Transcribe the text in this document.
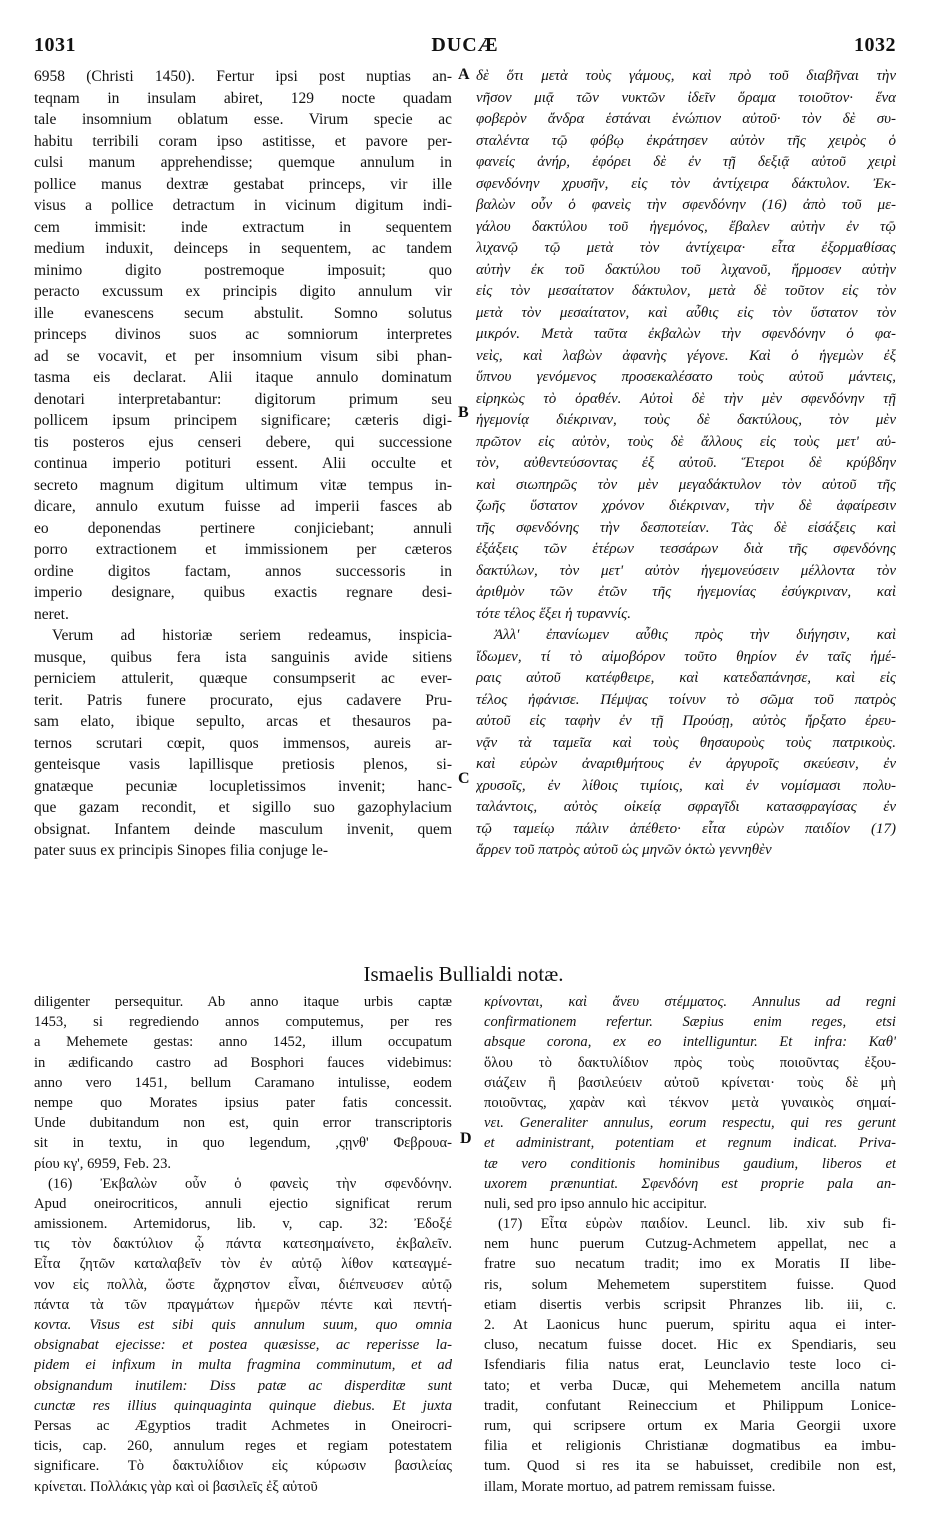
1031	DUCÆ	1032
A
B
C
D
6958 (Christi 1450). Fertur ipsi post nuptias an-
teqnam in insulam abiret, 129 nocte quadam
tale insomnium oblatum esse. Virum specie ac
habitu terribili coram ipso astitisse, et pavore per-
culsi manum apprehendisse; quemque annulum in
pollice manus dextræ gestabat princeps, vir ille
visus a pollice detractum in vicinum digitum indi-
cem immisit: inde extractum in sequentem
medium induxit, deinceps in sequentem, ac tandem
minimo digito postremoque imposuit; quo
peracto excussum ex principis digito annulum vir
ille evanescens secum abstulit. Somno solutus
princeps divinos suos ac somniorum interpretes
ad se vocavit, et per insomnium visum sibi phan-
tasma eis declarat. Alii itaque annulo dominatum
denotari interpretabantur: digitorum primum seu
pollicem ipsum principem significare; cæteris digi-
tis posteros ejus censeri debere, qui successione
continua imperio potituri essent. Alii occulte et
secreto magnum digitum ultimum vitæ tempus in-
dicare, annulo exutum fuisse ad imperii fasces ab
eo deponendas pertinere conjiciebant; annuli
porro extractionem et immissionem per cæteros
ordine digitos factam, annos successoris in
imperio designare, quibus exactis regnare desi-
neret.
Verum ad historiæ seriem redeamus, inspicia-
musque, quibus fera ista sanguinis avide sitiens
perniciem attulerit, quæque consumpserit ac ever-
terit. Patris funere procurato, ejus cadavere Pru-
sam elato, ibique sepulto, arcas et thesauros pa-
ternos scrutari cœpit, quos immensos, aureis ar-
genteisque vasis lapillisque pretiosis plenos, si-
gnatæque pecuniæ locupletissimos invenit; hanc-
que gazam recondit, et sigillo suo gazophylacium
obsignat. Infantem deinde masculum invenit, quem
pater suus ex principis Sinopes filia conjuge le-
δὲ ὅτι μετὰ τοὺς γάμους, καὶ πρὸ τοῦ διαβῆναι τὴν
νῆσον μιᾷ τῶν νυκτῶν ἰδεῖν ὅραμα τοιοῦτον· ἕνα
φοβερὸν ἄνδρα ἑστάναι ἐνώπιον αὐτοῦ· τὸν δὲ συ-
σταλέντα τῷ φόβῳ ἐκράτησεν αὐτὸν τῆς χειρὸς ὁ
φανείς ἀνήρ, ἐφόρει δὲ ἐν τῇ δεξιᾷ αὐτοῦ χειρὶ
σφενδόνην χρυσῆν, εἰς τὸν ἀντίχειρα δάκτυλον. Ἐκ-
βαλὼν οὖν ὁ φανεὶς τὴν σφενδόνην (16) ἀπὸ τοῦ με-
γάλου δακτύλου τοῦ ἡγεμόνος, ἔβαλεν αὐτὴν ἐν τῷ
λιχανῷ τῷ μετὰ τὸν ἀντίχειρα· εἶτα ἐξορμαθίσας
αὐτὴν ἐκ τοῦ δακτύλου τοῦ λιχανοῦ, ἥρμοσεν αὐτὴν
εἰς τὸν μεσαίτατον δάκτυλον, μετὰ δὲ τοῦτον εἰς τὸν
μετὰ τὸν μεσαίτατον, καὶ αὖθις εἰς τὸν ὕστατον τὸν
μικρόν. Μετὰ ταῦτα ἐκβαλὼν τὴν σφενδόνην ὁ φα-
νεὶς, καὶ λαβὼν ἀφανὴς γέγονε. Καὶ ὁ ἡγεμὼν ἐξ
ὕπνου γενόμενος προσεκαλέσατο τοὺς αὐτοῦ μάντεις,
εἰρηκὼς τὸ ὁραθέν. Αὐτοὶ δὲ τὴν μὲν σφενδόνην τῇ
ἡγεμονίᾳ διέκριναν, τοὺς δὲ δακτύλους, τὸν μὲν
πρῶτον εἰς αὐτὸν, τοὺς δὲ ἄλλους εἰς τοὺς μετ' αὐ-
τὸν, αὐθεντεύσοντας ἐξ αὐτοῦ. Ἕτεροι δὲ κρύβδην
καὶ σιωπηρῶς τὸν μὲν μεγαδάκτυλον τὸν αὐτοῦ τῆς
ζωῆς ὕστατον χρόνον διέκριναν, τὴν δὲ ἀφαίρεσιν
τῆς σφενδόνης τὴν δεσποτείαν. Τὰς δὲ εἰσάξεις καὶ
ἐξάξεις τῶν ἑτέρων τεσσάρων διὰ τῆς σφενδόνης
δακτύλων, τὸν μετ' αὐτὸν ἡγεμονεύσειν μέλλοντα τὸν
ἀριθμὸν τῶν ἐτῶν τῆς ἡγεμονίας ἐσύγκριναν, καὶ
τότε τέλος ἕξει ἡ τυραννίς.
Ἀλλ' ἐπανίωμεν αὖθις πρὸς τὴν διήγησιν, καὶ
ἴδωμεν, τί τὸ αἱμοβόρον τοῦτο θηρίον ἐν ταῖς ἡμέ-
ραις αὐτοῦ κατέφθειρε, καὶ κατεδαπάνησε, καὶ εἰς
τέλος ἠφάνισε. Πέμψας τοίνυν τὸ σῶμα τοῦ πατρὸς
αὐτοῦ εἰς ταφὴν ἐν τῇ Προύσῃ, αὐτὸς ἤρξατο ἐρευ-
νᾷν τὰ ταμεῖα καὶ τοὺς θησαυροὺς τοὺς πατρικοὺς.
καὶ εὑρὼν ἀναριθμήτους ἐν ἀργυροῖς σκεύεσιν, ἐν
χρυσοῖς, ἐν λίθοις τιμίοις, καὶ ἐν νομίσμασι πολυ-
ταλάντοις, αὐτὸς οἰκείᾳ σφραγῖδι κατασφραγίσας ἐν
τῷ ταμείῳ πάλιν ἀπέθετο· εἶτα εὑρὼν παιδίον (17)
ἄρρεν τοῦ πατρὸς αὐτοῦ ὡς μηνῶν ὀκτὼ γεννηθὲν
Ismaelis Bullialdi notæ.
diligenter persequitur. Ab anno itaque urbis captæ
1453, si regrediendo annos computemus, per res
a Mehemete gestas: anno 1452, illum occupatum
in ædificando castro ad Bosphori fauces videbimus:
anno vero 1451, bellum Caramano intulisse, eodem
nempe quo Morates ipsius pater fatis concessit.
Unde dubitandum non est, quin error transcriptoris
sit in textu, in quo legendum, ,ςῃνθ' Φεβρουα-
ρίου κγ', 6959, Feb. 23.
(16) Ἐκβαλὼν οὖν ὁ φανεὶς τὴν σφενδόνην.
Apud oneirocriticos, annuli ejectio significat rerum
amissionem. Artemidorus, lib. v, cap. 32: Ἐδοξέ
τις τὸν δακτύλιον ᾧ πάντα κατεσημαίνετο, ἐκβαλεῖν.
Εἶτα ζητῶν καταλαβεῖν τὸν ἐν αὐτῷ λίθον κατεαγμέ-
νον εἰς πολλὰ, ὥστε ἄχρηστον εἶναι, διέπνευσεν αὐτῷ
πάντα τὰ τῶν πραγμάτων ἡμερῶν πέντε καὶ πεντή-
κοντα. Visus est sibi quis annulum suum, quo omnia
obsignabat ejecisse: et postea quæsisse, ac reperisse la-
pidem ei infixum in multa fragmina comminutum, et ad
obsignandum inutilem: Diss patæ ac disperditæ sunt
cunctæ res illius quinquaginta quinque diebus. Et juxta
Persas ac Ægyptios tradit Achmetes in Oneirocri-
ticis, cap. 260, annulum reges et regiam potestatem
significare. Τὸ δακτυλίδιον εἰς κύρωσιν βασιλείας
κρίνεται. Πολλάκις γὰρ καὶ οἱ βασιλεῖς ἐξ αὐτοῦ
κρίνονται, καὶ ἄνευ στέμματος. Annulus ad regni
confirmationem refertur. Sæpius enim reges, etsi
absque corona, ex eo intelliguntur. Et infra: Καθ'
ὅλου τὸ δακτυλίδιον πρὸς τοὺς ποιοῦντας ἐξου-
σιάζειν ἢ βασιλεύειν αὐτοῦ κρίνεται· τοὺς δὲ μὴ
ποιοῦντας, χαρὰν καὶ τέκνον μετὰ γυναικὸς σημαί-
νει. Generaliter annulus, eorum respectu, qui res gerunt
et administrant, potentiam et regnum indicat. Priva-
tæ vero conditionis hominibus gaudium, liberos et
uxorem prænuntiat. Σφενδόνη est proprie pala an-
nuli, sed pro ipso annulo hic accipitur.
(17) Εἶτα εὑρὼν παιδίον. Leuncl. lib. xiv sub fi-
nem hunc puerum Cutzug-Achmetem appellat, nec a
fratre suo necatum tradit; imo ex Moratis II libe-
ris, solum Mehemetem superstitem fuisse. Quod
etiam disertis verbis scripsit Phranzes lib. iii, c.
2. At Laonicus hunc puerum, spiritu aqua ei inter-
cluso, necatum fuisse docet. Hic ex Spendiaris, seu
Isfendiaris filia natus erat, Leunclavio teste loco ci-
tato; et verba Ducæ, qui Mehemetem ancilla natum
tradit, confutant Reineccium et Philippum Lonice-
rum, qui scripsere ortum ex Maria Georgii uxore
filia et religionis Christianæ dogmatibus ea imbu-
tum. Quod si res ita se habuisset, credibile non est,
illam, Morate mortuo, ad patrem remissam fuisse.
